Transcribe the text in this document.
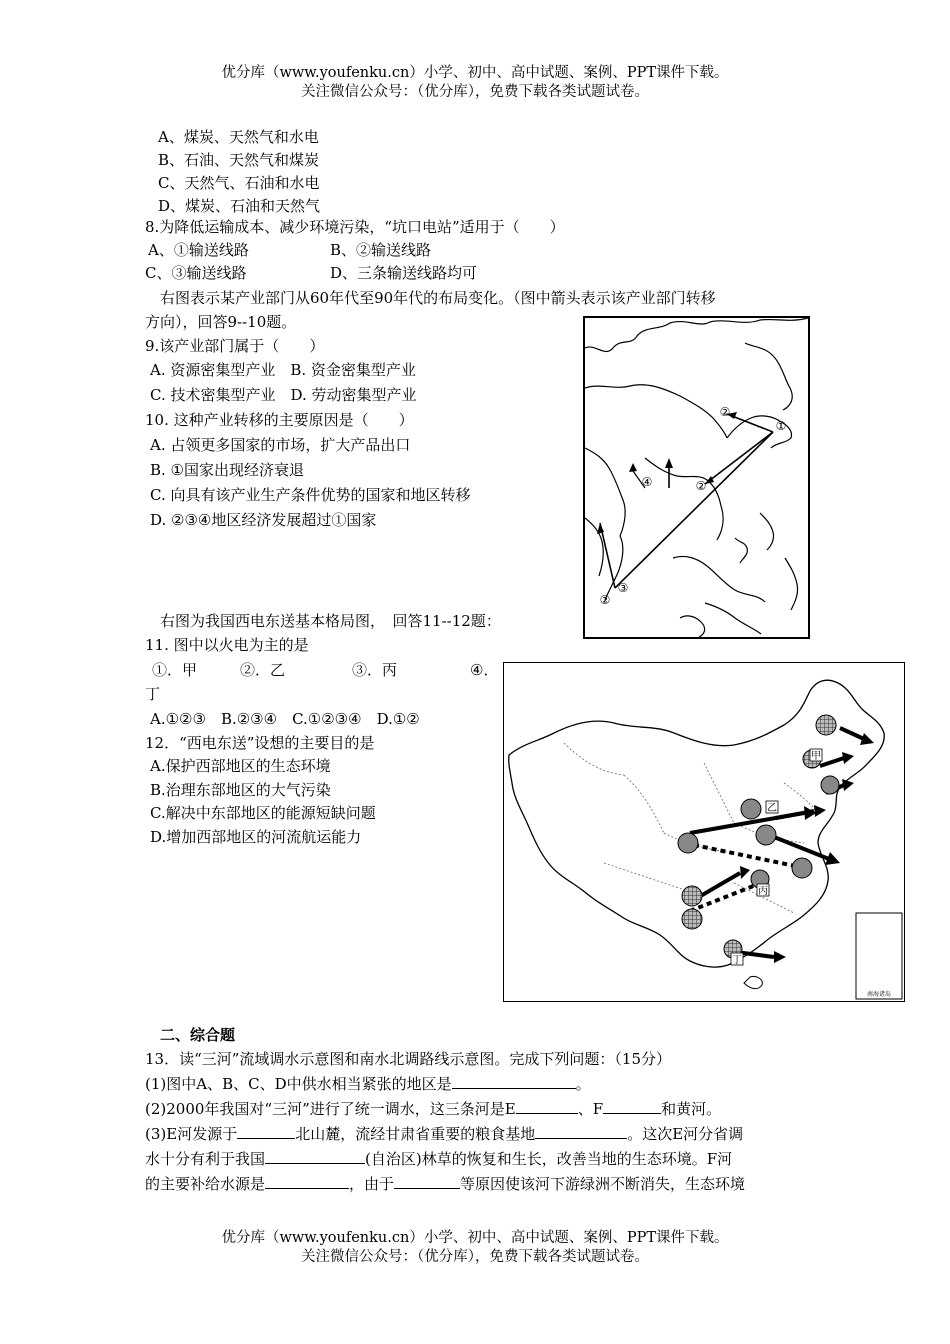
优分库（www.youfenku.cn）小学、初中、高中试题、案例、PPT课件下载。
关注微信公众号：（优分库），免费下载各类试题试卷。
A、煤炭、天然气和水电
B、石油、天然气和煤炭
C、天然气、石油和水电
D、煤炭、石油和天然气
8.为降低运输成本、减少环境污染，“坑口电站”适用于（　　）
A、①输送线路	B、②输送线路
C、③输送线路	D、三条输送线路均可
右图表示某产业部门从60年代至90年代的布局变化。（图中箭头表示该产业部门转移
方向），回答9--10题。
9.该产业部门属于（　　）
A. 资源密集型产业　B. 资金密集型产业
C. 技术密集型产业　D. 劳动密集型产业
10. 这种产业转移的主要原因是（　　）
A. 占领更多国家的市场，扩大产品出口
B. ①国家出现经济衰退
C. 向具有该产业生产条件优势的国家和地区转移
D. ②③④地区经济发展超过①国家
①
②
②
②
③
④
右图为我国西电东送基本格局图，　回答11--12题：
11. 图中以火电为主的是
①．甲	②．乙	③．丙	④．
丁
A.①②③　B.②③④　C.①②③④　D.①②
12．“西电东送”设想的主要目的是
A.保护西部地区的生态环境
B.治理东部地区的大气污染
C.解决中东部地区的能源短缺问题
D.增加西部地区的河流航运能力
南海诸岛
甲
乙
丙
丁
二、综合题
13．读“三河”流域调水示意图和南水北调路线示意图。完成下列问题：（15分）
(1)图中A、B、C、D中供水相当紧张的地区是	。
(2)2000年我国对“三河”进行了统一调水，这三条河是E	、F	和黄河。
(3)E河发源于	北山麓，流经甘肃省重要的粮食基地	。这次E河分省调
水十分有利于我国	(自治区)林草的恢复和生长，改善当地的生态环境。F河
的主要补给水源是	，由于	等原因使该河下游绿洲不断消失，生态环境
优分库（www.youfenku.cn）小学、初中、高中试题、案例、PPT课件下载。
关注微信公众号：（优分库），免费下载各类试题试卷。
